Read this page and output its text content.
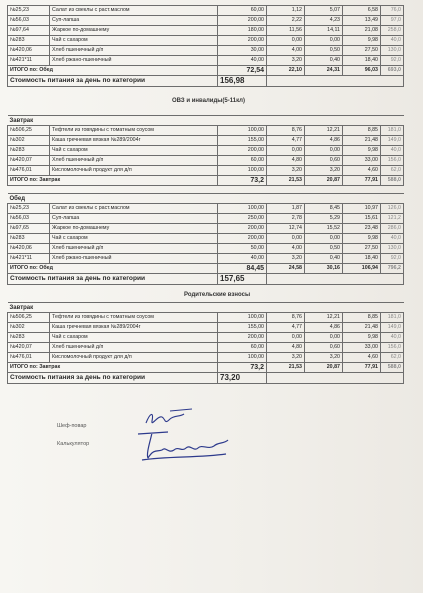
№25,23	Салат из свеклы с раст.маслом	60,00	1,12	5,07	6,58	76,0
№56,03	Суп-лапша	200,00	2,22	4,23	13,49	97,0
№97,64	Жаркое по-домашнему	180,00	11,56	14,11	21,08	258,0
№283	Чай с сахаром	200,00	0,00	0,00	9,98	40,0
№420,06	Хлеб пшеничный д/п	30,00	4,00	0,50	27,50	130,0
№421*11	Хлеб ржано-пшеничный	40,00	3,20	0,40	18,40	92,0
ИТОГО по: Обед		72,54	22,10	24,31	96,03	693,0
Стоимость питания за день по категории		156,98				
ОВЗ и инвалиды(5-11кл)
Завтрак						
№506,25	Тефтели из говядины с томатным соусом	100,00	8,76	12,21	8,85	181,0
№302	Каша гречневая вязкая №289/2004г	155,00	4,77	4,86	21,48	149,0
№283	Чай с сахаром	200,00	0,00	0,00	9,98	40,0
№420,07	Хлеб пшеничный д/п	60,00	4,80	0,60	33,00	156,0
№476,01	Кисломолочный продукт для д/п	100,00	3,20	3,20	4,60	62,0
ИТОГО по: Завтрак		73,2	21,53	20,87	77,91	588,0
Обед						
№25,23	Салат из свеклы с раст.маслом	100,00	1,87	8,45	10,97	126,0
№56,03	Суп-лапша	250,00	2,78	5,29	15,61	121,2
№97,65	Жаркое по-домашнему	200,00	12,74	15,52	23,48	286,0
№283	Чай с сахаром	200,00	0,00	0,00	9,98	40,0
№420,06	Хлеб пшеничный д/п	50,00	4,00	0,50	27,50	130,0
№421*11	Хлеб ржано-пшеничный	40,00	3,20	0,40	18,40	92,0
ИТОГО по: Обед		84,45	24,58	30,16	106,94	796,2
Стоимость питания за день по категории		157,65				
Родительские взносы
Завтрак						
№506,25	Тефтели из говядины с томатным соусом	100,00	8,76	12,21	8,85	181,0
№302	Каша гречневая вязкая №289/2004г	155,00	4,77	4,86	21,48	149,0
№283	Чай с сахаром	200,00	0,00	0,00	9,98	40,0
№420,07	Хлеб пшеничный д/п	60,00	4,80	0,60	33,00	156,0
№476,01	Кисломолочный продукт для д/п	100,00	3,20	3,20	4,60	62,0
ИТОГО по: Завтрак		73,2	21,53	20,87	77,91	588,0
Стоимость питания за день по категории		73,20				
Шеф-повар
Калькулятор
